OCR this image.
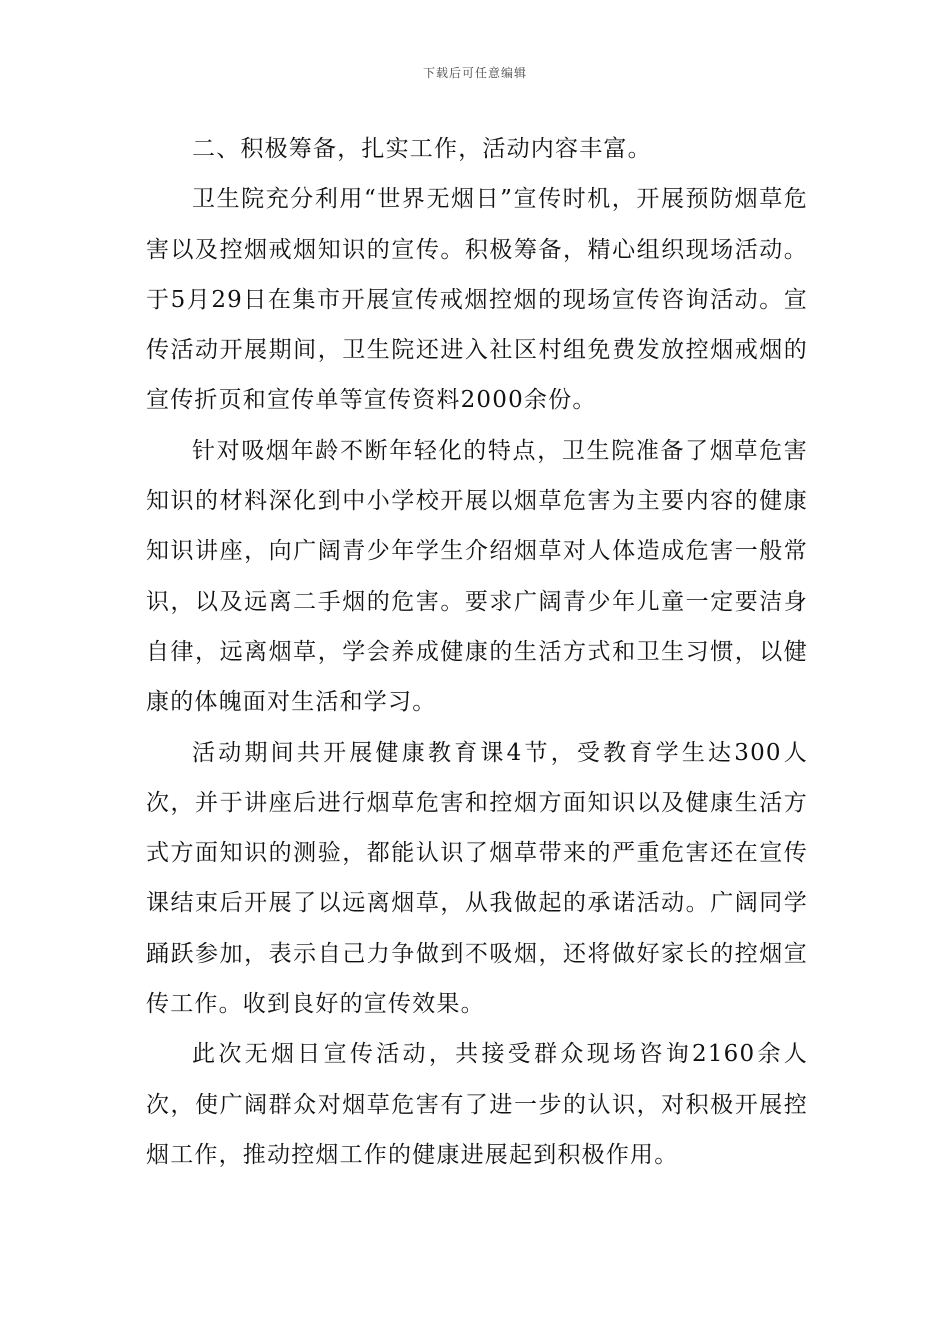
下载后可任意编辑

二、积极筹备，扎实工作，活动内容丰富。

卫生院充分利用“世界无烟日”宣传时机，开展预防烟草危害以及控烟戒烟知识的宣传。积极筹备，精心组织现场活动。于5月29日在集市开展宣传戒烟控烟的现场宣传咨询活动。宣传活动开展期间，卫生院还进入社区村组免费发放控烟戒烟的宣传折页和宣传单等宣传资料2000余份。

针对吸烟年龄不断年轻化的特点，卫生院准备了烟草危害知识的材料深化到中小学校开展以烟草危害为主要内容的健康知识讲座，向广阔青少年学生介绍烟草对人体造成危害一般常识，以及远离二手烟的危害。要求广阔青少年儿童一定要洁身自律，远离烟草，学会养成健康的生活方式和卫生习惯，以健康的体魄面对生活和学习。

活动期间共开展健康教育课4节，受教育学生达300人次，并于讲座后进行烟草危害和控烟方面知识以及健康生活方式方面知识的测验，都能认识了烟草带来的严重危害还在宣传课结束后开展了以远离烟草，从我做起的承诺活动。广阔同学踊跃参加，表示自己力争做到不吸烟，还将做好家长的控烟宣传工作。收到良好的宣传效果。

此次无烟日宣传活动，共接受群众现场咨询2160余人次，使广阔群众对烟草危害有了进一步的认识，对积极开展控烟工作，推动控烟工作的健康进展起到积极作用。
